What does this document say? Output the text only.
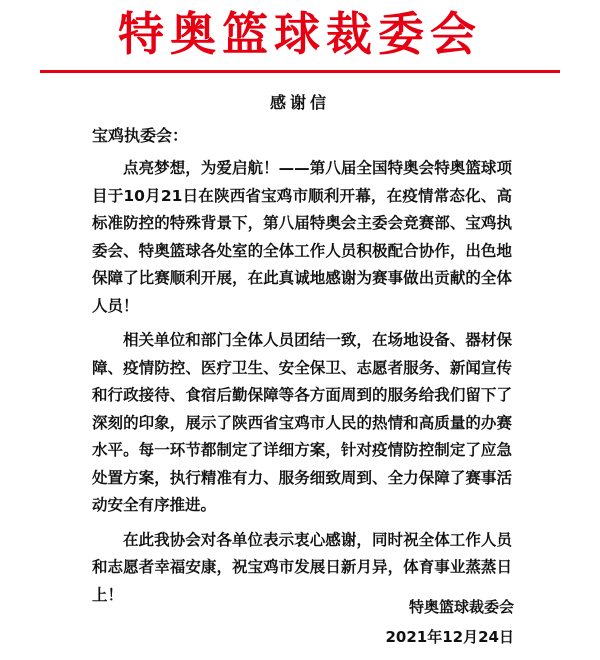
特奥篮球裁委会
感谢信
宝鸡执委会：

点亮梦想，为爱启航！——第八届全国特奥会特奥篮球项目于10月21日在陕西省宝鸡市顺利开幕，在疫情常态化、高标准防控的特殊背景下，第八届特奥会主委会竞赛部、宝鸡执委会、特奥篮球各处室的全体工作人员积极配合协作，出色地保障了比赛顺利开展，在此真诚地感谢为赛事做出贡献的全体人员！

相关单位和部门全体人员团结一致，在场地设备、器材保障、疫情防控、医疗卫生、安全保卫、志愿者服务、新闻宣传和行政接待、食宿后勤保障等各方面周到的服务给我们留下了深刻的印象，展示了陕西省宝鸡市人民的热情和高质量的办赛水平。每一环节都制定了详细方案，针对疫情防控制定了应急处置方案，执行精准有力、服务细致周到、全力保障了赛事活动安全有序推进。

在此我协会对各单位表示衷心感谢，同时祝全体工作人员和志愿者幸福安康，祝宝鸡市发展日新月异，体育事业蒸蒸日上！

特奥篮球裁委会
2021年12月24日
